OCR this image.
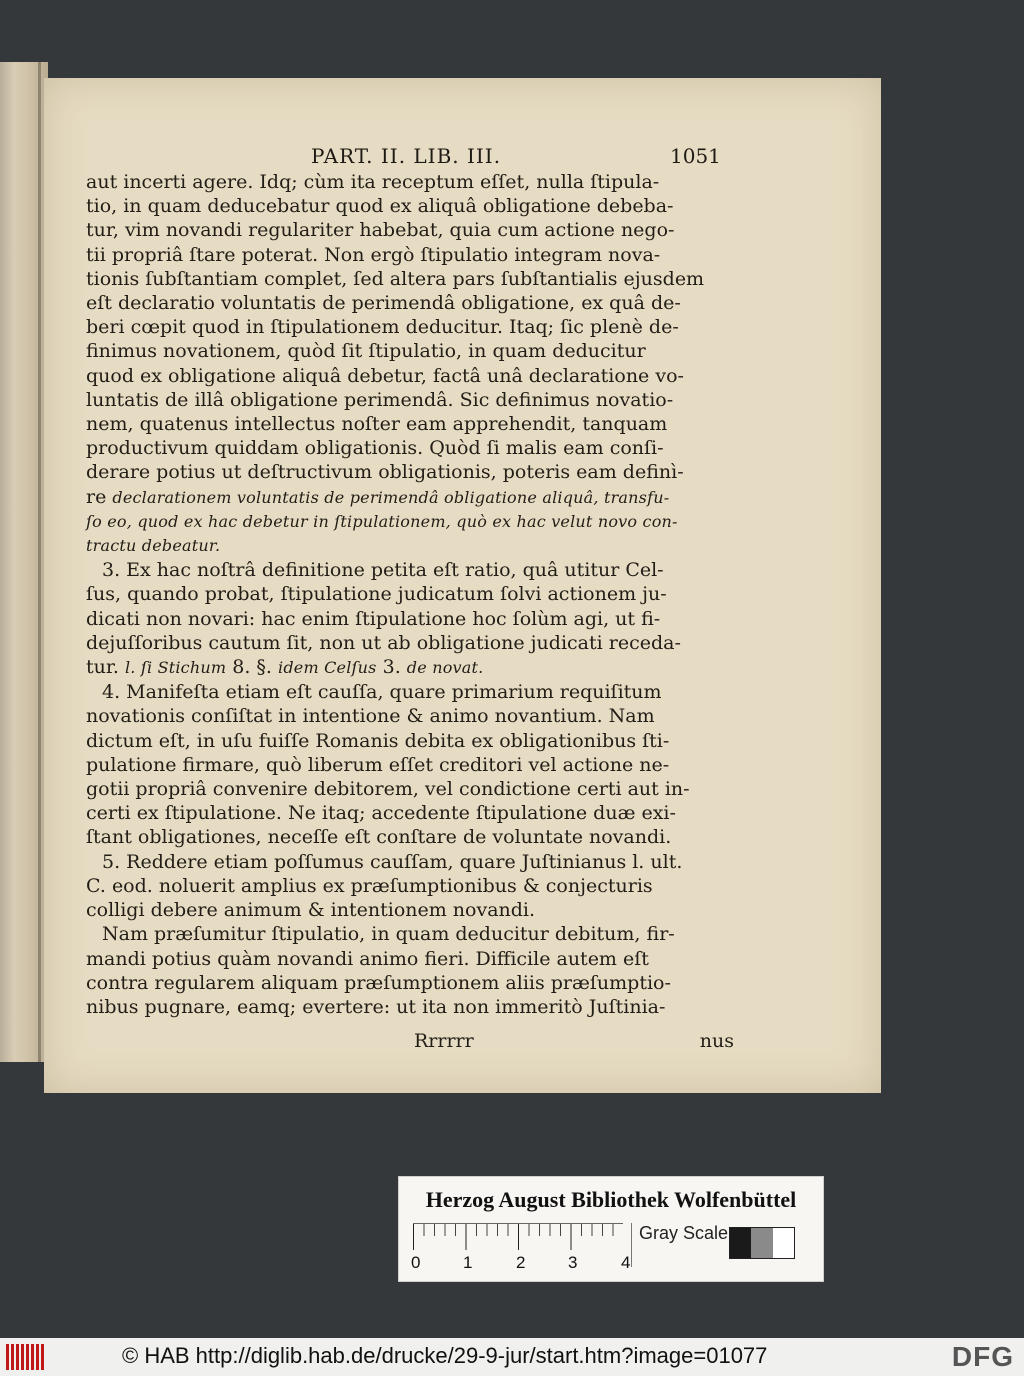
PART. II. LIB. III.	1051
aut incerti agere. Idq; cùm ita receptum eſſet, nulla ſtipula-
tio, in quam deducebatur quod ex aliquâ obligatione debeba-
tur, vim novandi regulariter habebat, quia cum actione nego-
tii propriâ ſtare poterat. Non ergò ſtipulatio integram nova-
tionis ſubſtantiam complet, ſed altera pars ſubſtantialis ejusdem
eſt declaratio voluntatis de perimendâ obligatione, ex quâ de-
beri cœpit quod in ſtipulationem deducitur. Itaq; ſic plenè de-
finimus novationem, quòd ſit ſtipulatio, in quam deducitur
quod ex obligatione aliquâ debetur, factâ unâ declaratione vo-
luntatis de illâ obligatione perimendâ. Sic definimus novatio-
nem, quatenus intellectus noſter eam apprehendit, tanquam
productivum quiddam obligationis. Quòd ſi malis eam conſi-
derare potius ut deſtructivum obligationis, poteris eam definì-
re declarationem voluntatis de perimendâ obligatione aliquâ, transfu-
ſo eo, quod ex hac debetur in ſtipulationem, quò ex hac velut novo con-
tractu debeatur.
3. Ex hac noſtrâ definitione petita eſt ratio, quâ utitur Cel-
ſus, quando probat, ſtipulatione judicatum ſolvi actionem ju-
dicati non novari: hac enim ſtipulatione hoc ſolùm agi, ut fi-
dejuſſoribus cautum ſit, non ut ab obligatione judicati receda-
tur. l. ſi Stichum 8. §. idem Celſus 3. de novat.
4. Manifeſta etiam eſt cauſſa, quare primarium requiſitum
novationis conſiſtat in intentione & animo novantium. Nam
dictum eſt, in uſu fuiſſe Romanis debita ex obligationibus ſti-
pulatione firmare, quò liberum eſſet creditori vel actione ne-
gotii propriâ convenire debitorem, vel condictione certi aut in-
certi ex ſtipulatione. Ne itaq; accedente ſtipulatione duæ exi-
ſtant obligationes, neceſſe eſt conſtare de voluntate novandi.
5. Reddere etiam poſſumus cauſſam, quare Juſtinianus l. ult.
C. eod. noluerit amplius ex præſumptionibus & conjecturis
colligi debere animum & intentionem novandi.
Nam præſumitur ſtipulatio, in quam deducitur debitum, fir-
mandi potius quàm novandi animo fieri. Difficile autem eſt
contra regularem aliquam præſumptionem aliis præſumptio-
nibus pugnare, eamq; evertere: ut ita non immeritò Juſtinia-
Rrrrrr	nus
Herzog August Bibliothek Wolfenbüttel
0	1	2	3	4
Gray Scale
© HAB http://diglib.hab.de/drucke/29-9-jur/start.htm?image=01077	DFG
